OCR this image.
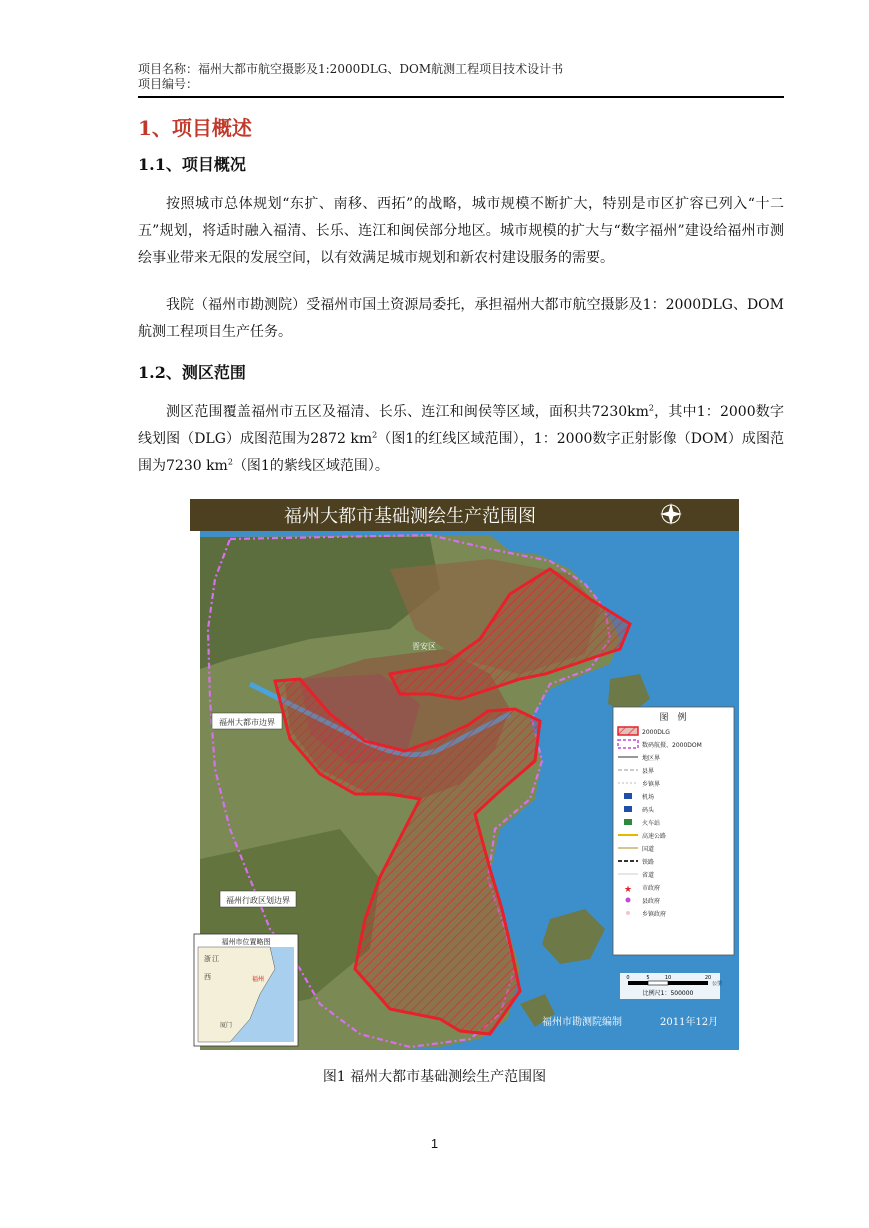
项目名称：福州大都市航空摄影及1:2000DLG、DOM航测工程项目技术设计书
项目编号：
1、项目概述
1.1、项目概况
按照城市总体规划“东扩、南移、西拓”的战略，城市规模不断扩大，特别是市区扩容已列入“十二五”规划，将适时融入福清、长乐、连江和闽侯部分地区。城市规模的扩大与“数字福州”建设给福州市测绘事业带来无限的发展空间，以有效满足城市规划和新农村建设服务的需要。
我院（福州市勘测院）受福州市国土资源局委托，承担福州大都市航空摄影及1：2000DLG、DOM航测工程项目生产任务。
1.2、测区范围
测区范围覆盖福州市五区及福清、长乐、连江和闽侯等区域，面积共$7230km^2$，其中1：2000数字线划图（DLG）成图范围为2872 $km^2$（图1的红线区域范围），1：2000数字正射影像（DOM）成图范围为7230 $km^2$（图1的紫线区域范围）。
福州大都市基础测绘生产范围图
福州大都市边界
福州行政区划边界
晋安区
福州市位置略图
浙 江
西	福州
厦门
图　例
2000DLG
数码航摄、2000DOM
地区界
县界
乡镇界
机场
码头
火车站
高速公路
国道
铁路
省道
★ 市政府
县政府
乡镇政府
0	5	10	20
公里
比例尺1：500000
福州市勘测院编制	2011年12月
图1 福州大都市基础测绘生产范围图
1
